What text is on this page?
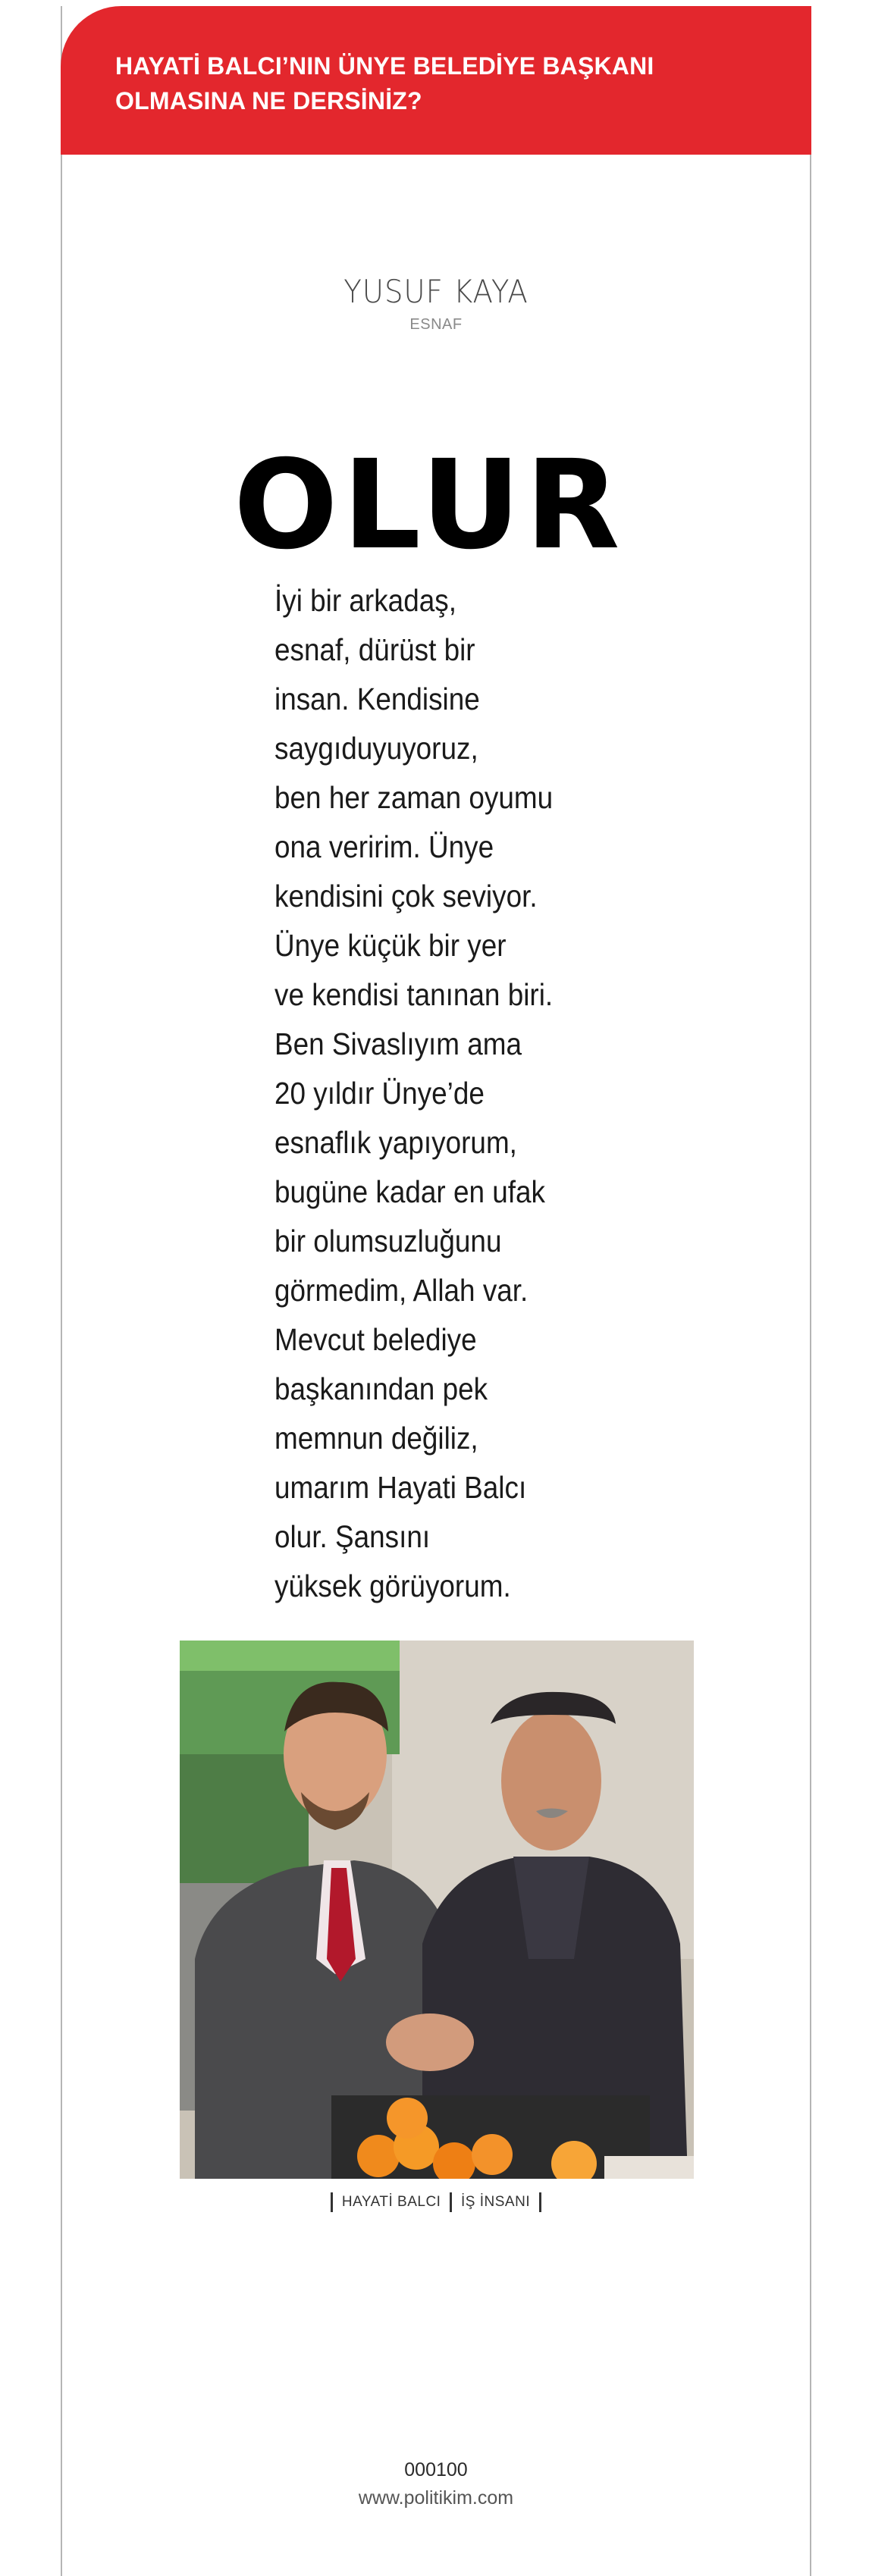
HAYATİ BALCI’NIN ÜNYE BELEDİYE BAŞKANI
OLMASINA NE DERSİNİZ?
YUSUF KAYA
ESNAF
OLUR
İyi bir arkadaş,
esnaf, dürüst bir
insan. Kendisine
saygıduyuyoruz,
ben her zaman oyumu
ona veririm. Ünye
kendisini çok seviyor.
Ünye küçük bir yer
ve kendisi tanınan biri.
Ben Sivaslıyım ama
20 yıldır Ünye’de
esnaflık yapıyorum,
bugüne kadar en ufak
bir olumsuzluğunu
görmedim, Allah var.
Mevcut belediye
başkanından pek
memnun değiliz,
umarım Hayati Balcı
olur. Şansını
yüksek görüyorum.
HAYATİ BALCI İŞ İNSANI
000100
www.politikim.com
